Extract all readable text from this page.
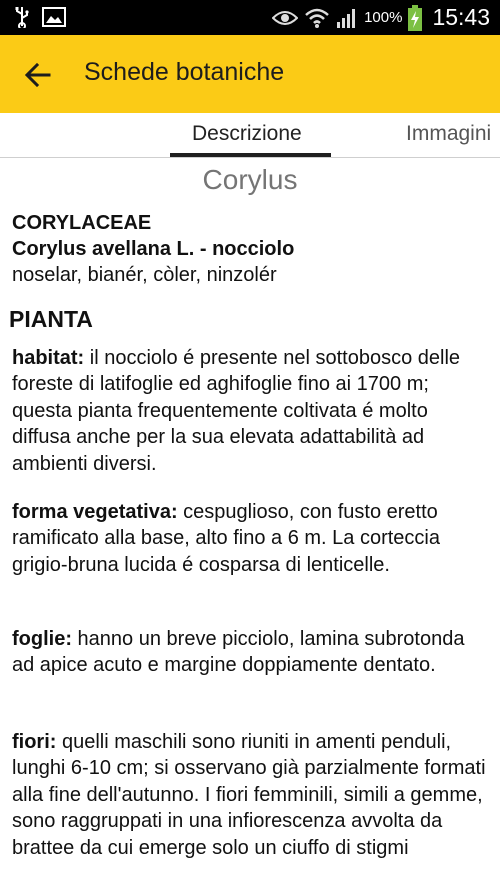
100% 15:43
Schede botaniche
Descrizione	Immagini
Corylus
CORYLACEAE
Corylus avellana L. - nocciolo
noselar, bianér, còler, ninzolér
PIANTA

habitat: il nocciolo é presente nel sottobosco delle foreste di latifoglie ed aghifoglie fino ai 1700 m; questa pianta frequentemente coltivata é molto diffusa anche per la sua elevata adattabilità ad ambienti diversi.

forma vegetativa: cespuglioso, con fusto eretto ramificato alla base, alto fino a 6 m. La corteccia grigio-bruna lucida é cosparsa di lenticelle.

foglie: hanno un breve picciolo, lamina subrotonda ad apice acuto e margine doppiamente dentato.

fiori: quelli maschili sono riuniti in amenti penduli, lunghi 6-10 cm; si osservano già parzialmente formati alla fine dell'autunno. I fiori femminili, simili a gemme, sono raggruppati in una infiorescenza avvolta da brattee da cui emerge solo un ciuffo di stigmi
